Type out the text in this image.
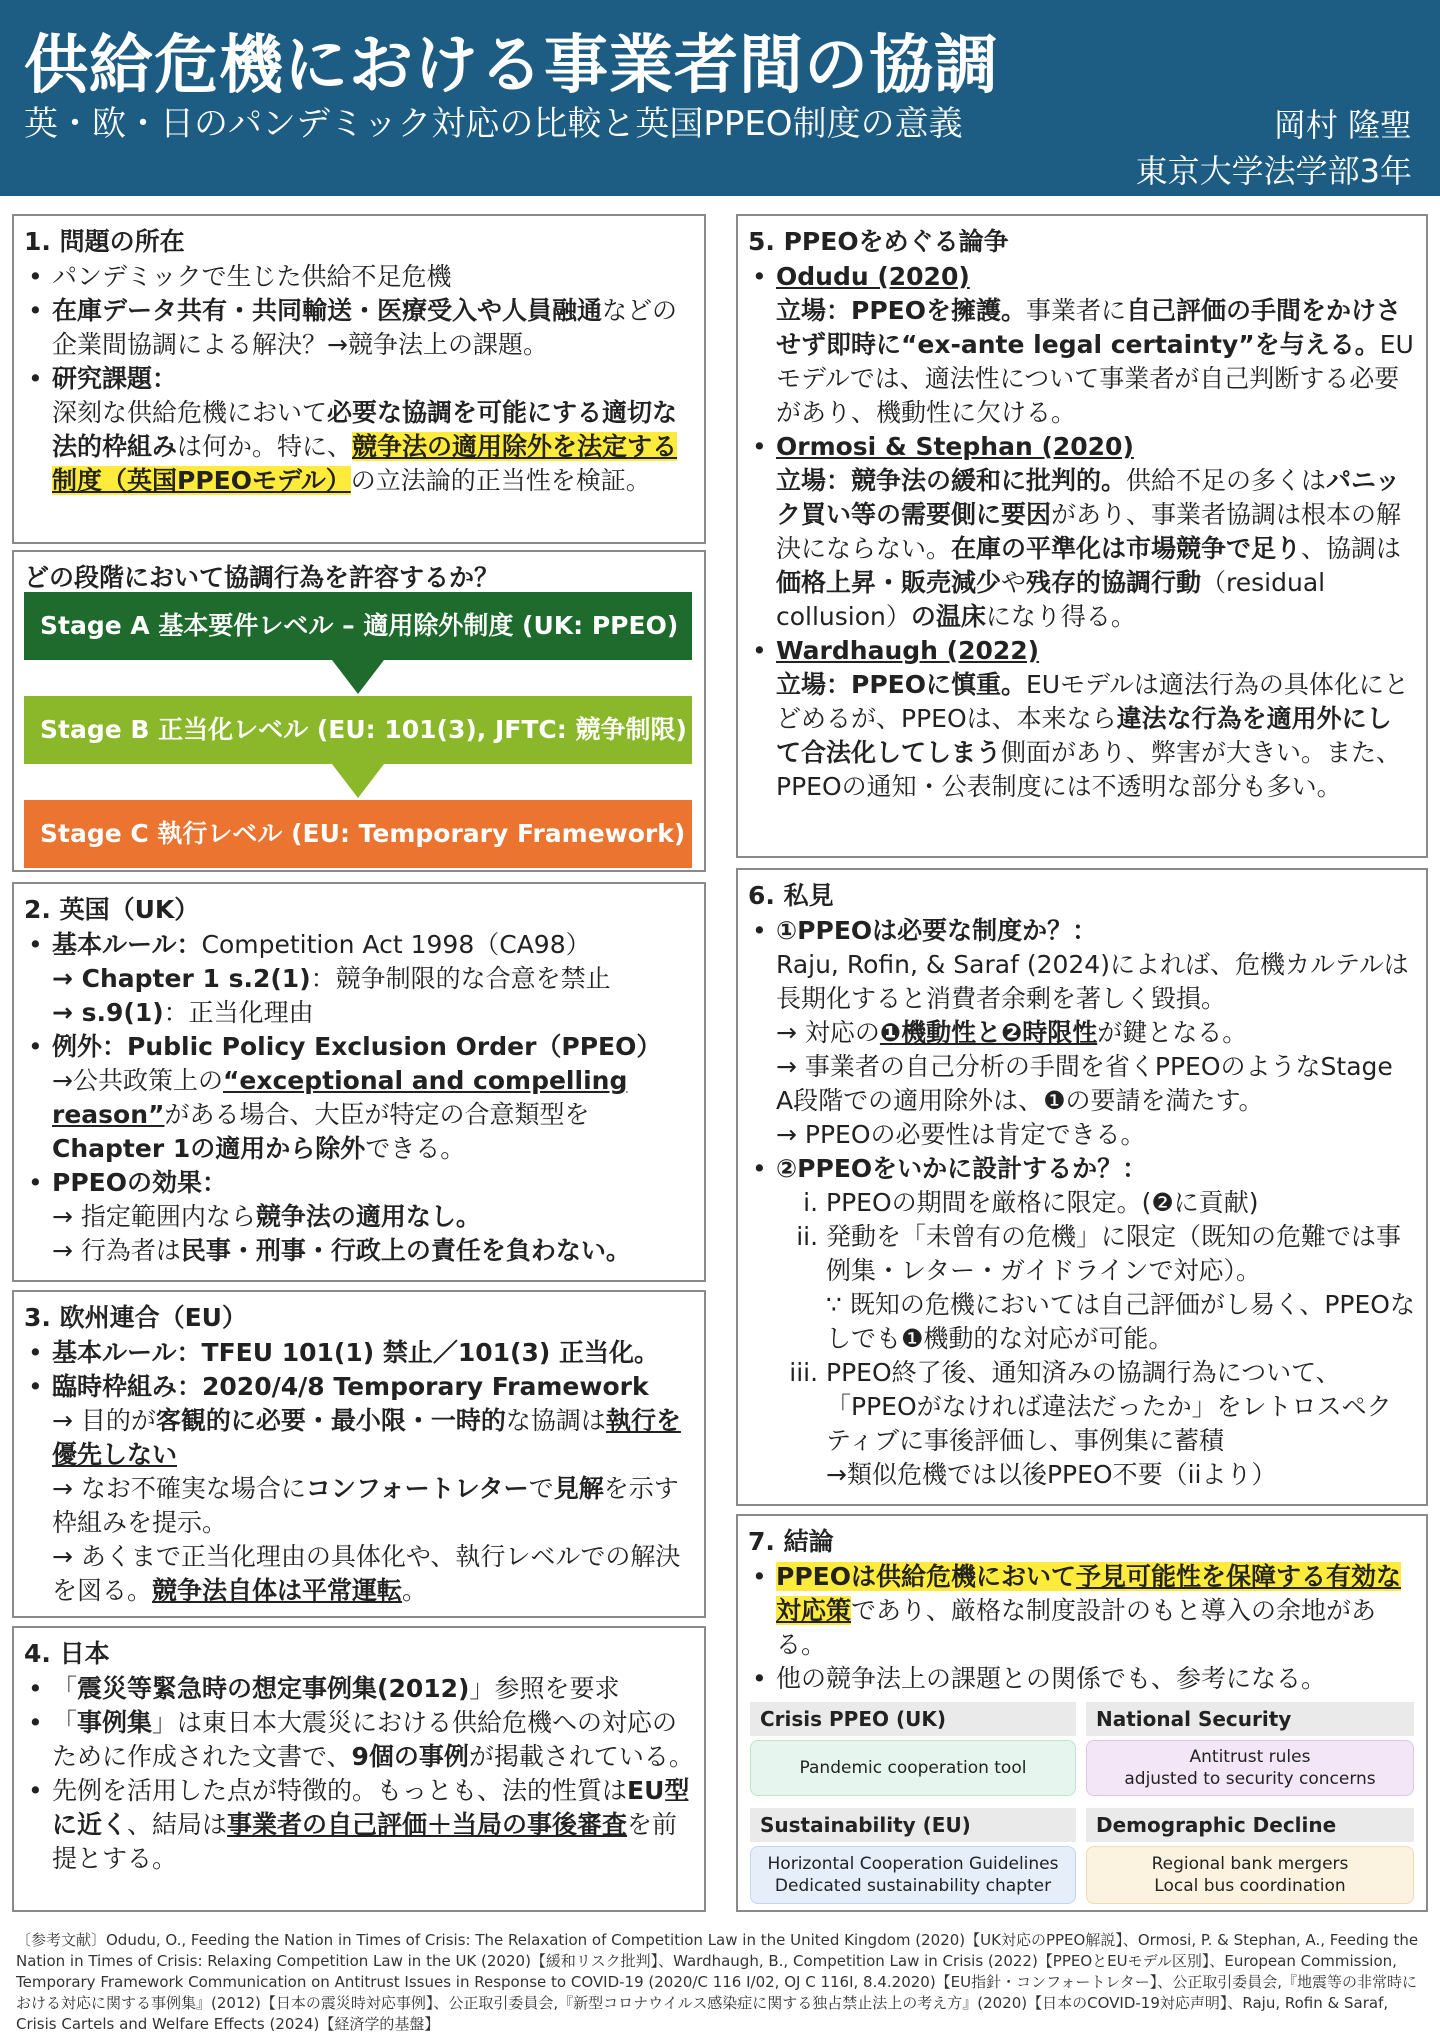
供給危機における事業者間の協調
英・欧・日のパンデミック対応の比較と英国PPEO制度の意義	岡村 隆聖
東京大学法学部3年
1. 問題の所在
• パンデミックで生じた供給不足危機
• 在庫データ共有・共同輸送・医療受入や人員融通などの企業間協調による解決？→競争法上の課題。
• 研究課題：
深刻な供給危機において必要な協調を可能にする適切な法的枠組みは何か。特に、競争法の適用除外を法定する制度（英国PPEOモデル）の立法論的正当性を検証。
どの段階において協調行為を許容するか？
Stage A 基本要件レベル – 適用除外制度 (UK: PPEO)
Stage B 正当化レベル (EU: 101(3), JFTC: 競争制限)
Stage C 執行レベル (EU: Temporary Framework)
2. 英国（UK）
• 基本ルール：Competition Act 1998（CA98）
→ Chapter 1 s.2(1)：競争制限的な合意を禁止
→ s.9(1)：正当化理由
• 例外：Public Policy Exclusion Order（PPEO）
→公共政策上の“exceptional and compelling reason”がある場合、大臣が特定の合意類型をChapter 1の適用から除外できる。
• PPEOの効果：
→ 指定範囲内なら競争法の適用なし。
→ 行為者は民事・刑事・行政上の責任を負わない。
3. 欧州連合（EU）
• 基本ルール：TFEU 101(1) 禁止／101(3) 正当化。
• 臨時枠組み：2020/4/8 Temporary Framework
→ 目的が客観的に必要・最小限・一時的な協調は執行を優先しない
→ なお不確実な場合にコンフォートレターで見解を示す枠組みを提示。
→ あくまで正当化理由の具体化や、執行レベルでの解決を図る。競争法自体は平常運転。
4. 日本
• 「震災等緊急時の想定事例集(2012)」参照を要求
• 「事例集」は東日本大震災における供給危機への対応のために作成された文書で、9個の事例が掲載されている。
• 先例を活用した点が特徴的。もっとも、法的性質はEU型に近く、結局は事業者の自己評価＋当局の事後審査を前提とする。
5. PPEOをめぐる論争
• Odudu (2020)
立場：PPEOを擁護。事業者に自己評価の手間をかけさせず即時に“ex-ante legal certainty”を与える。EUモデルでは、適法性について事業者が自己判断する必要があり、機動性に欠ける。
• Ormosi & Stephan (2020)
立場：競争法の緩和に批判的。供給不足の多くはパニック買い等の需要側に要因があり、事業者協調は根本の解決にならない。在庫の平準化は市場競争で足り、協調は価格上昇・販売減少や残存的協調行動（residual collusion）の温床になり得る。
• Wardhaugh (2022)
立場：PPEOに慎重。EUモデルは適法行為の具体化にとどめるが、PPEOは、本来なら違法な行為を適用外にして合法化してしまう側面があり、弊害が大きい。また、PPEOの通知・公表制度には不透明な部分も多い。
6. 私見
• ①PPEOは必要な制度か？：
Raju, Rofin, & Saraf (2024)によれば、危機カルテルは長期化すると消費者余剰を著しく毀損。
→ 対応の❶機動性と❷時限性が鍵となる。
→ 事業者の自己分析の手間を省くPPEOのようなStage A段階での適用除外は、❶の要請を満たす。
→ PPEOの必要性は肯定できる。
• ②PPEOをいかに設計するか？：
i. PPEOの期間を厳格に限定。(❷に貢献)
ii. 発動を「未曾有の危機」に限定（既知の危難では事例集・レター・ガイドラインで対応）。
∵ 既知の危機においては自己評価がし易く、PPEOなしでも❶機動的な対応が可能。
iii. PPEO終了後、通知済みの協調行為について、「PPEOがなければ違法だったか」をレトロスペクティブに事後評価し、事例集に蓄積
→類似危機では以後PPEO不要（iiより）
7. 結論
• PPEOは供給危機において予見可能性を保障する有効な対応策であり、厳格な制度設計のもと導入の余地がある。
• 他の競争法上の課題との関係でも、参考になる。
Crisis PPEO (UK)
Pandemic cooperation tool
National Security
Antitrust rules
adjusted to security concerns
Sustainability (EU)
Horizontal Cooperation Guidelines
Dedicated sustainability chapter
Demographic Decline
Regional bank mergers
Local bus coordination
〔参考文献〕Odudu, O., Feeding the Nation in Times of Crisis: The Relaxation of Competition Law in the United Kingdom (2020)【UK対応のPPEO解説】、Ormosi, P. & Stephan, A., Feeding the Nation in Times of Crisis: Relaxing Competition Law in the UK (2020)【緩和リスク批判】、Wardhaugh, B., Competition Law in Crisis (2022)【PPEOとEUモデル区別】、European Commission, Temporary Framework Communication on Antitrust Issues in Response to COVID-19 (2020/C 116 I/02, OJ C 116I, 8.4.2020)【EU指針・コンフォートレター】、公正取引委員会,『地震等の非常時における対応に関する事例集』(2012)【日本の震災時対応事例】、公正取引委員会,『新型コロナウイルス感染症に関する独占禁止法上の考え方』(2020)【日本のCOVID-19対応声明】、Raju, Rofin & Saraf, Crisis Cartels and Welfare Effects (2024)【経済学的基盤】
